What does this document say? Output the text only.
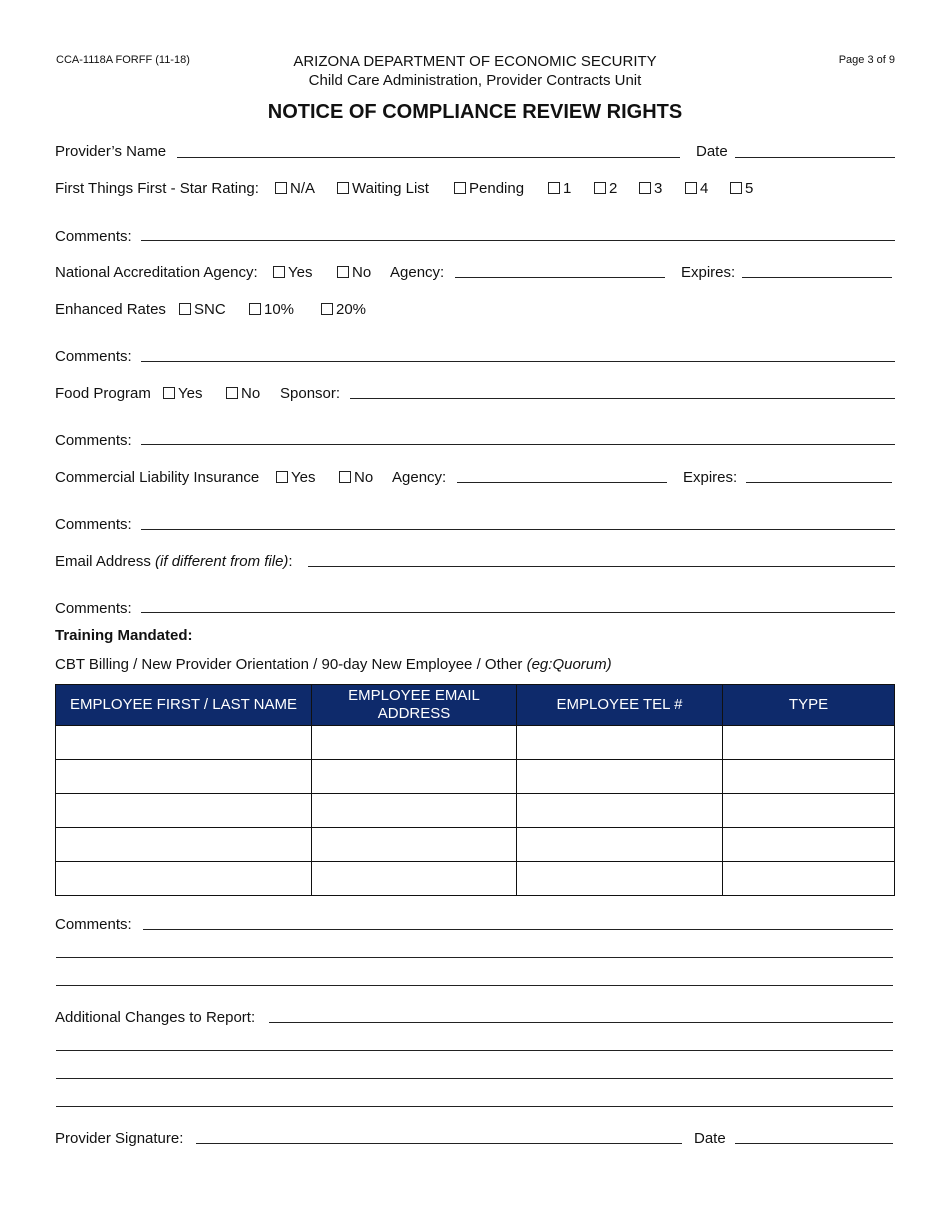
CCA-1118A FORFF (11-18)	Page 3 of 9
ARIZONA DEPARTMENT OF ECONOMIC SECURITY
Child Care Administration, Provider Contracts Unit
NOTICE OF COMPLIANCE REVIEW RIGHTS
Provider’s Name	Date
First Things First - Star Rating:	N/A	Waiting List	Pending	1	2	3	4	5
Comments:
National Accreditation Agency:	Yes	No Agency:	Expires:
Enhanced Rates	SNC	10%	20%
Comments:
Food Program	Yes	No Sponsor:
Comments:
Commercial Liability Insurance	Yes	No Agency:	Expires:
Comments:
Email Address (if different from file):
Comments:
Training Mandated:
CBT Billing / New Provider Orientation / 90-day New Employee / Other (eg:Quorum)
EMPLOYEE FIRST / LAST NAME	EMPLOYEE EMAIL ADDRESS	EMPLOYEE TEL #	TYPE

Comments:
Additional Changes to Report:
Provider Signature:	Date
